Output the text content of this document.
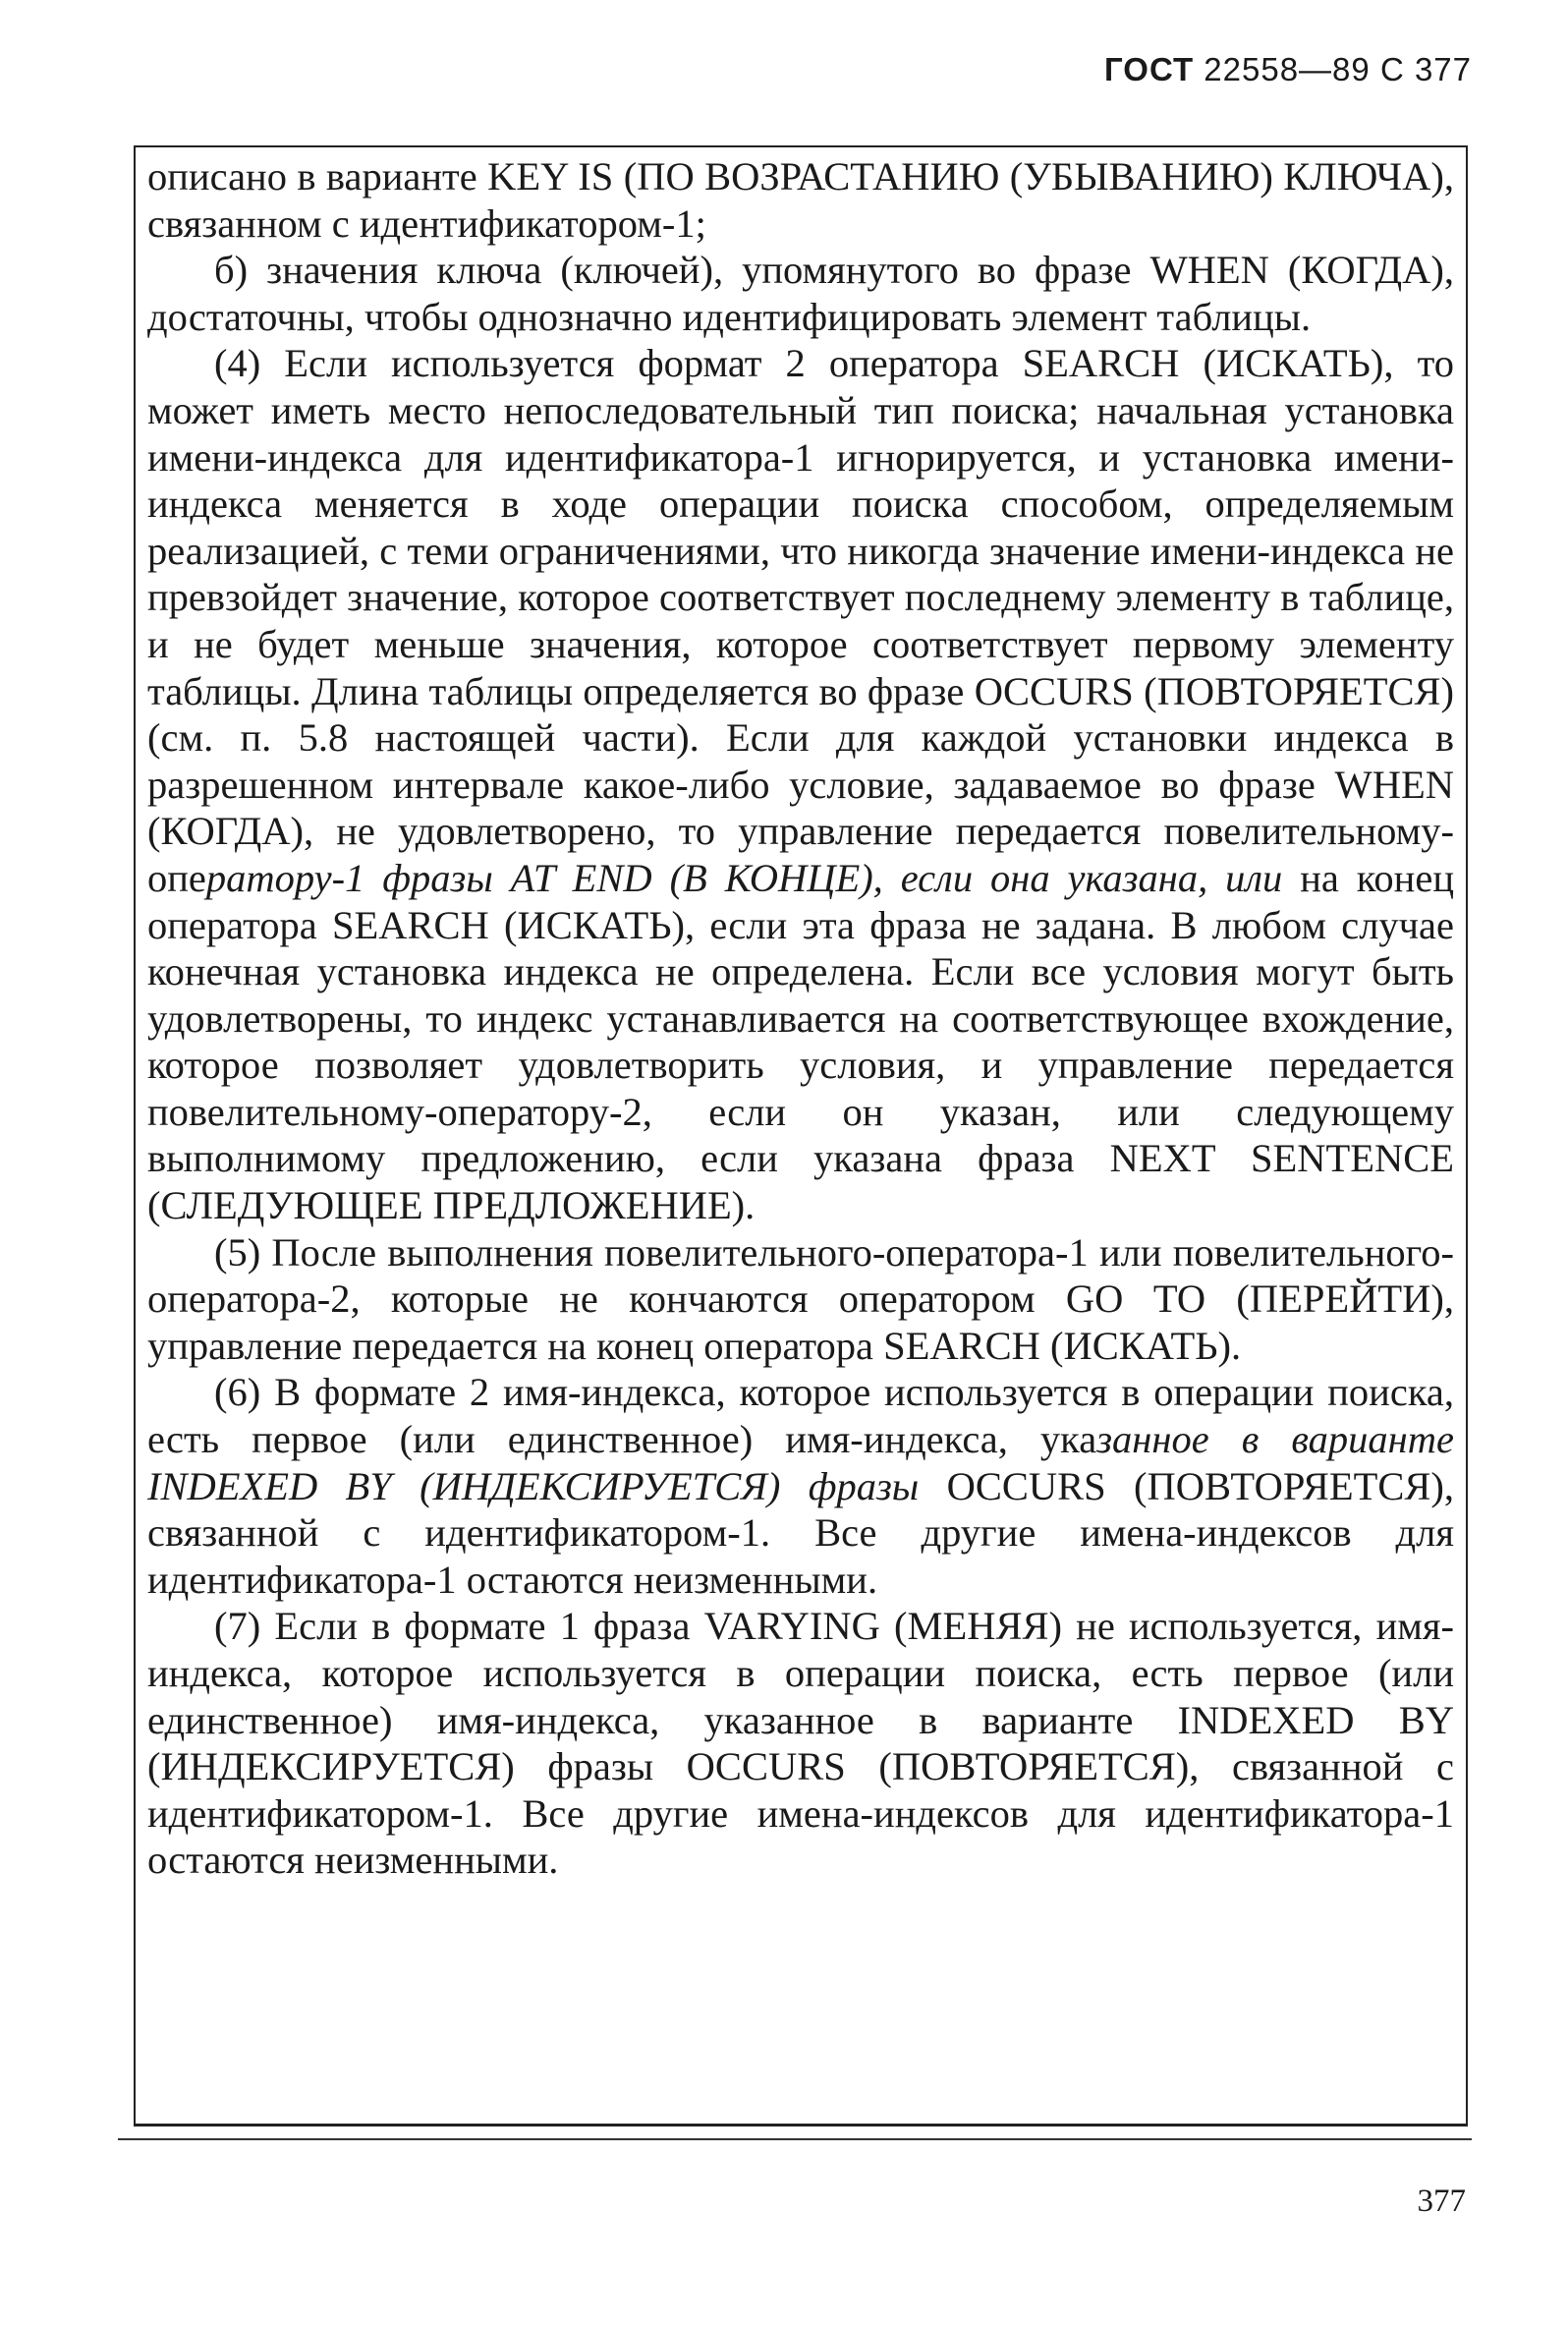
ГОСТ 22558—89 С 377

описано в варианте KEY IS (ПО ВОЗРАСТАНИЮ (УБЫВАНИЮ) КЛЮЧА), связанном с идентификатором-1;

б) значения ключа (ключей), упомянутого во фразе WHEN (КОГДА), достаточны, чтобы однозначно идентифицировать элемент таблицы.

(4) Если используется формат 2 оператора SEARCH (ИСКАТЬ), то может иметь место непоследовательный тип поиска; начальная установка имени-индекса для идентификатора-1 игнорируется, и установка имени-индекса меняется в ходе операции поиска способом, определяемым реализацией, с теми ограничениями, что никогда значение имени-индекса не превзойдет значение, которое соответствует последнему элементу в таблице, и не будет меньше значения, которое соответствует первому элементу таблицы. Длина таблицы определяется во фразе OCCURS (ПОВТОРЯЕТСЯ) (см. п. 5.8 настоящей части). Если для каждой установки индекса в разрешенном интервале какое-либо условие, задаваемое во фразе WHEN (КОГДА), не удовлетворено, то управление передается повелительному-оператору-1 фразы AT END (В КОНЦЕ), если она указана, или на конец оператора SEARCH (ИСКАТЬ), если эта фраза не задана. В любом случае конечная установка индекса не определена. Если все условия могут быть удовлетворены, то индекс устанавливается на соответствующее вхождение, которое позволяет удовлетворить условия, и управление передается повелительному-оператору-2, если он указан, или следующему выполнимому предложению, если указана фраза NEXT SENTENCE (СЛЕДУЮЩЕЕ ПРЕДЛОЖЕНИЕ).

(5) После выполнения повелительного-оператора-1 или повелительного-оператора-2, которые не кончаются оператором GO TO (ПЕРЕЙТИ), управление передается на конец оператора SEARCH (ИСКАТЬ).

(6) В формате 2 имя-индекса, которое используется в операции поиска, есть первое (или единственное) имя-индекса, указанное в варианте INDEXED BY (ИНДЕКСИРУЕТСЯ) фразы OCCURS (ПОВТОРЯЕТСЯ), связанной с идентификатором-1. Все другие имена-индексов для идентификатора-1 остаются неизменными.

(7) Если в формате 1 фраза VARYING (МЕНЯЯ) не используется, имя-индекса, которое используется в операции поиска, есть первое (или единственное) имя-индекса, указанное в варианте INDEXED BY (ИНДЕКСИРУЕТСЯ) фразы OCCURS (ПОВТОРЯЕТСЯ), связанной с идентификатором-1. Все другие имена-индексов для идентификатора-1 остаются неизменными.

377
